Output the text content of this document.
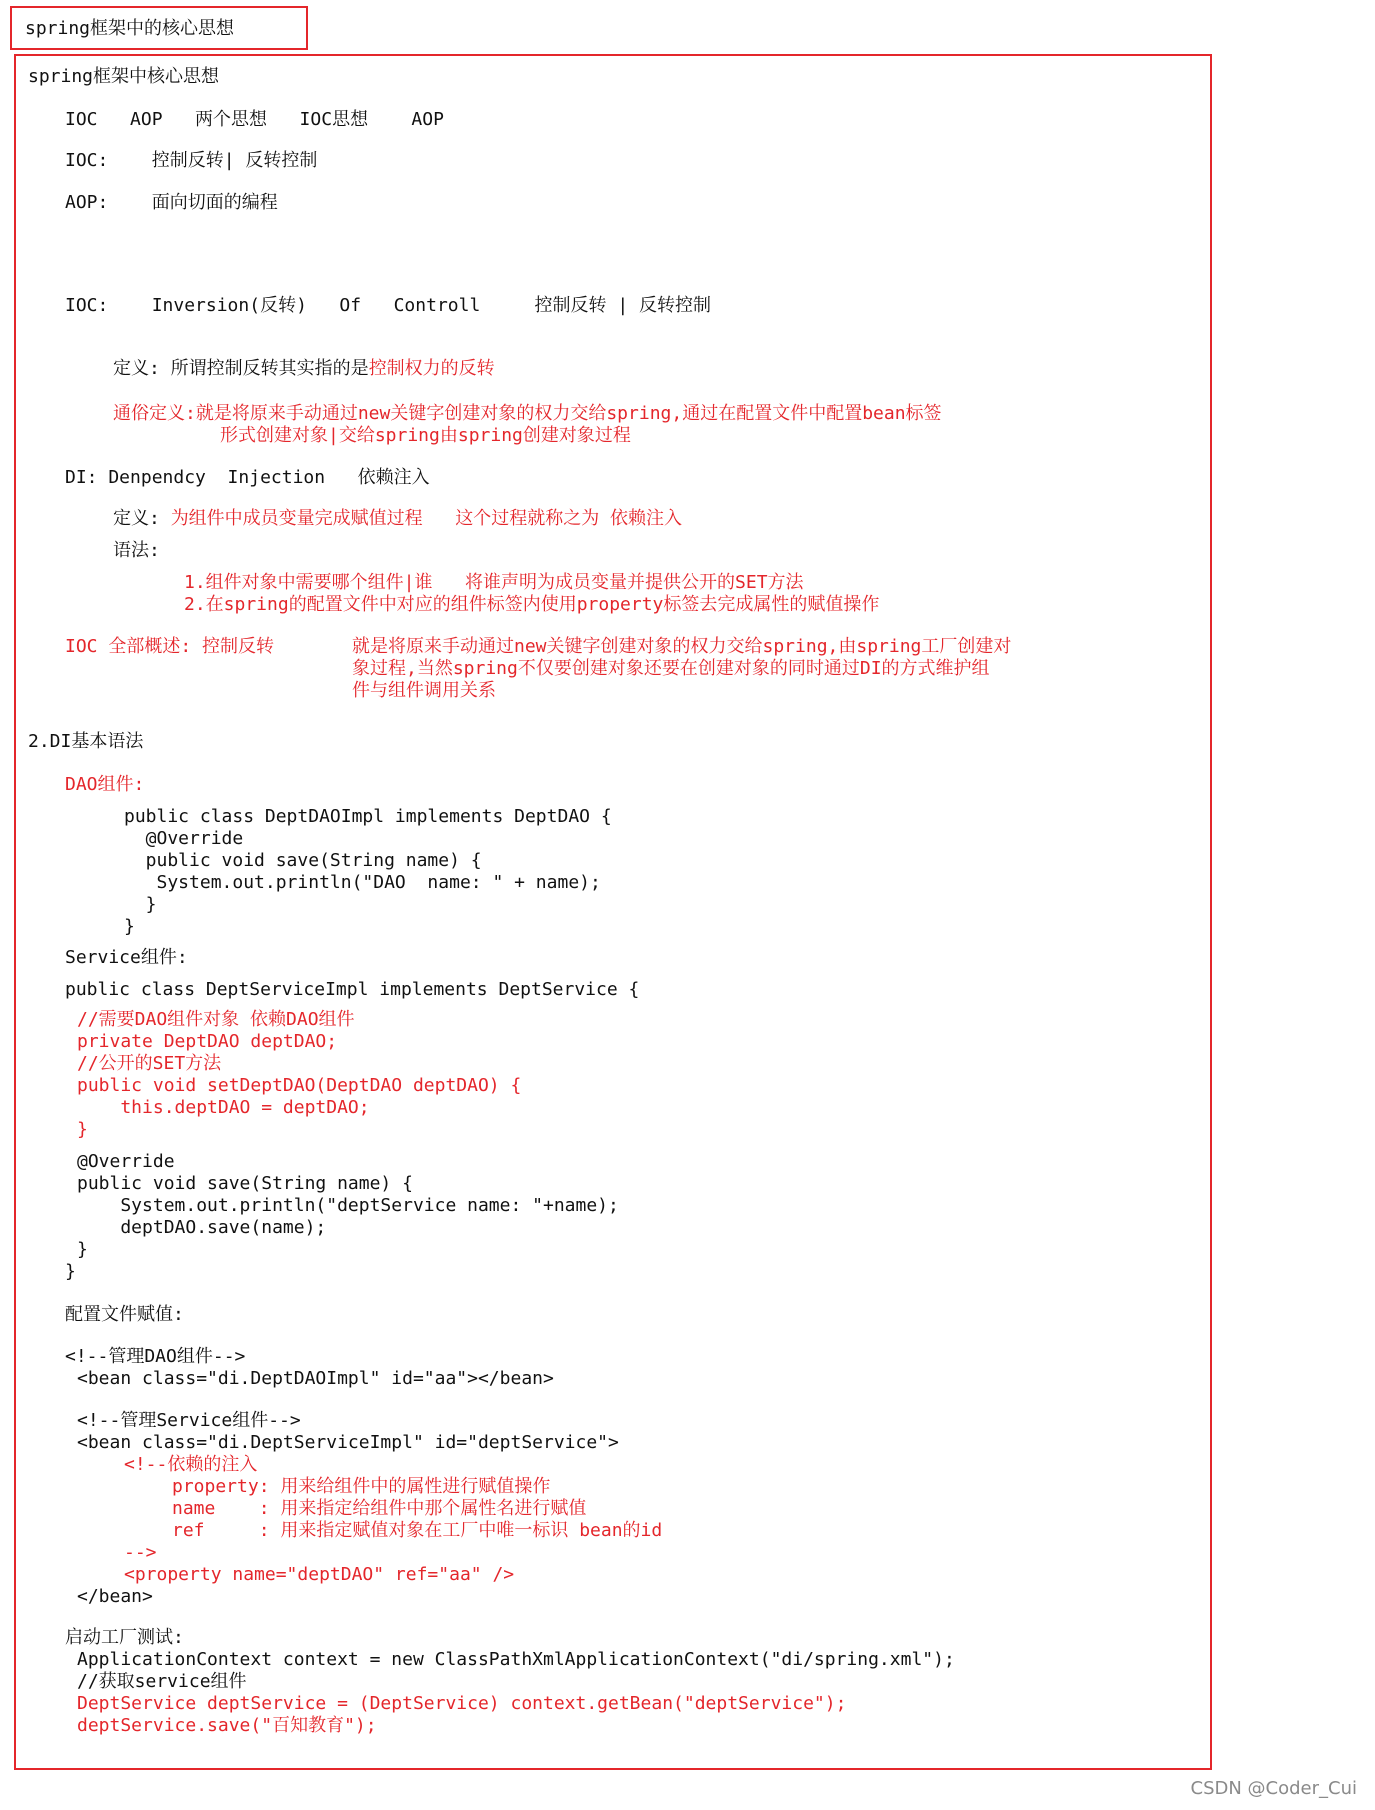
spring框架中的核心思想
spring框架中核心思想
IOC   AOP   两个思想   IOC思想    AOP
IOC:    控制反转| 反转控制
AOP:    面向切面的编程
IOC:    Inversion(反转)   Of   Controll     控制反转 | 反转控制
定义: 所谓控制反转其实指的是控制权力的反转
通俗定义:就是将原来手动通过new关键字创建对象的权力交给spring,通过在配置文件中配置bean标签
形式创建对象|交给spring由spring创建对象过程
DI: Denpendcy  Injection   依赖注入
定义: 为组件中成员变量完成赋值过程   这个过程就称之为 依赖注入
语法:
1.组件对象中需要哪个组件|谁   将谁声明为成员变量并提供公开的SET方法
2.在spring的配置文件中对应的组件标签内使用property标签去完成属性的赋值操作
IOC 全部概述: 控制反转	就是将原来手动通过new关键字创建对象的权力交给spring,由spring工厂创建对
象过程,当然spring不仅要创建对象还要在创建对象的同时通过DI的方式维护组
件与组件调用关系
2.DI基本语法
DAO组件:
public class DeptDAOImpl implements DeptDAO {
@Override
public void save(String name) {
System.out.println("DAO  name: " + name);
}
}
Service组件:
public class DeptServiceImpl implements DeptService {
//需要DAO组件对象 依赖DAO组件
private DeptDAO deptDAO;
//公开的SET方法
public void setDeptDAO(DeptDAO deptDAO) {
this.deptDAO = deptDAO;
}
@Override
public void save(String name) {
System.out.println("deptService name: "+name);
deptDAO.save(name);
}
}
配置文件赋值:
<!--管理DAO组件-->
<bean class="di.DeptDAOImpl" id="aa"></bean>
<!--管理Service组件-->
<bean class="di.DeptServiceImpl" id="deptService">
<!--依赖的注入
property: 用来给组件中的属性进行赋值操作
name    : 用来指定给组件中那个属性名进行赋值
ref     : 用来指定赋值对象在工厂中唯一标识 bean的id
-->
<property name="deptDAO" ref="aa" />
</bean>
启动工厂测试:
ApplicationContext context = new ClassPathXmlApplicationContext("di/spring.xml");
//获取service组件
DeptService deptService = (DeptService) context.getBean("deptService");
deptService.save("百知教育");
CSDN @Coder_Cui
